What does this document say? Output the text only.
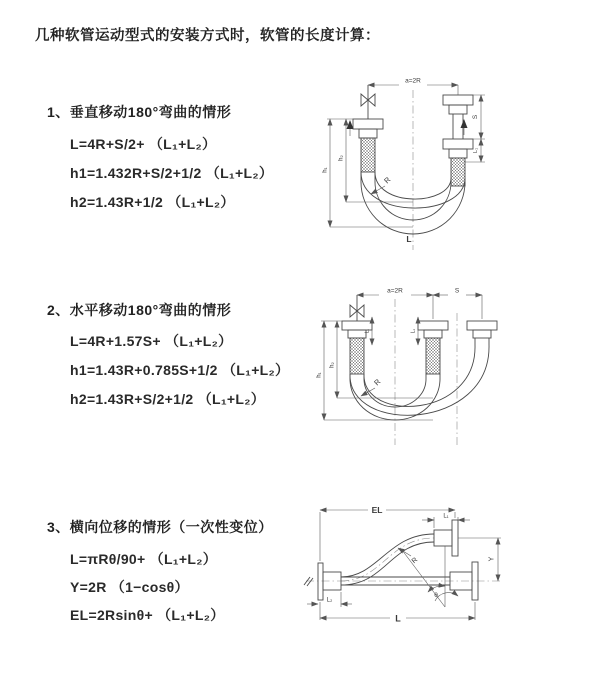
几种软管运动型式的安装方式时，软管的长度计算：
1、垂直移动180°弯曲的情形
L=4R+S/2+ （L₁+L₂）
h1=1.432R+S/2+1/2 （L₁+L₂）
h2=1.43R+1/2 （L₁+L₂）
2、水平移动180°弯曲的情形
L=4R+1.57S+ （L₁+L₂）
h1=1.43R+0.785S+1/2 （L₁+L₂）
h2=1.43R+S/2+1/2 （L₁+L₂）
3、横向位移的情形（一次性变位）
L=πRθ/90+ （L₁+L₂）
Y=2R （1−cosθ）
EL=2Rsinθ+ （L₁+L₂）
a=2R
S
L₁
h₁
h₂
R
L
a=2R	S
L₁	L₁
h₁
h₂
R
EL
L₁
Y
R
θ
L
L₂
